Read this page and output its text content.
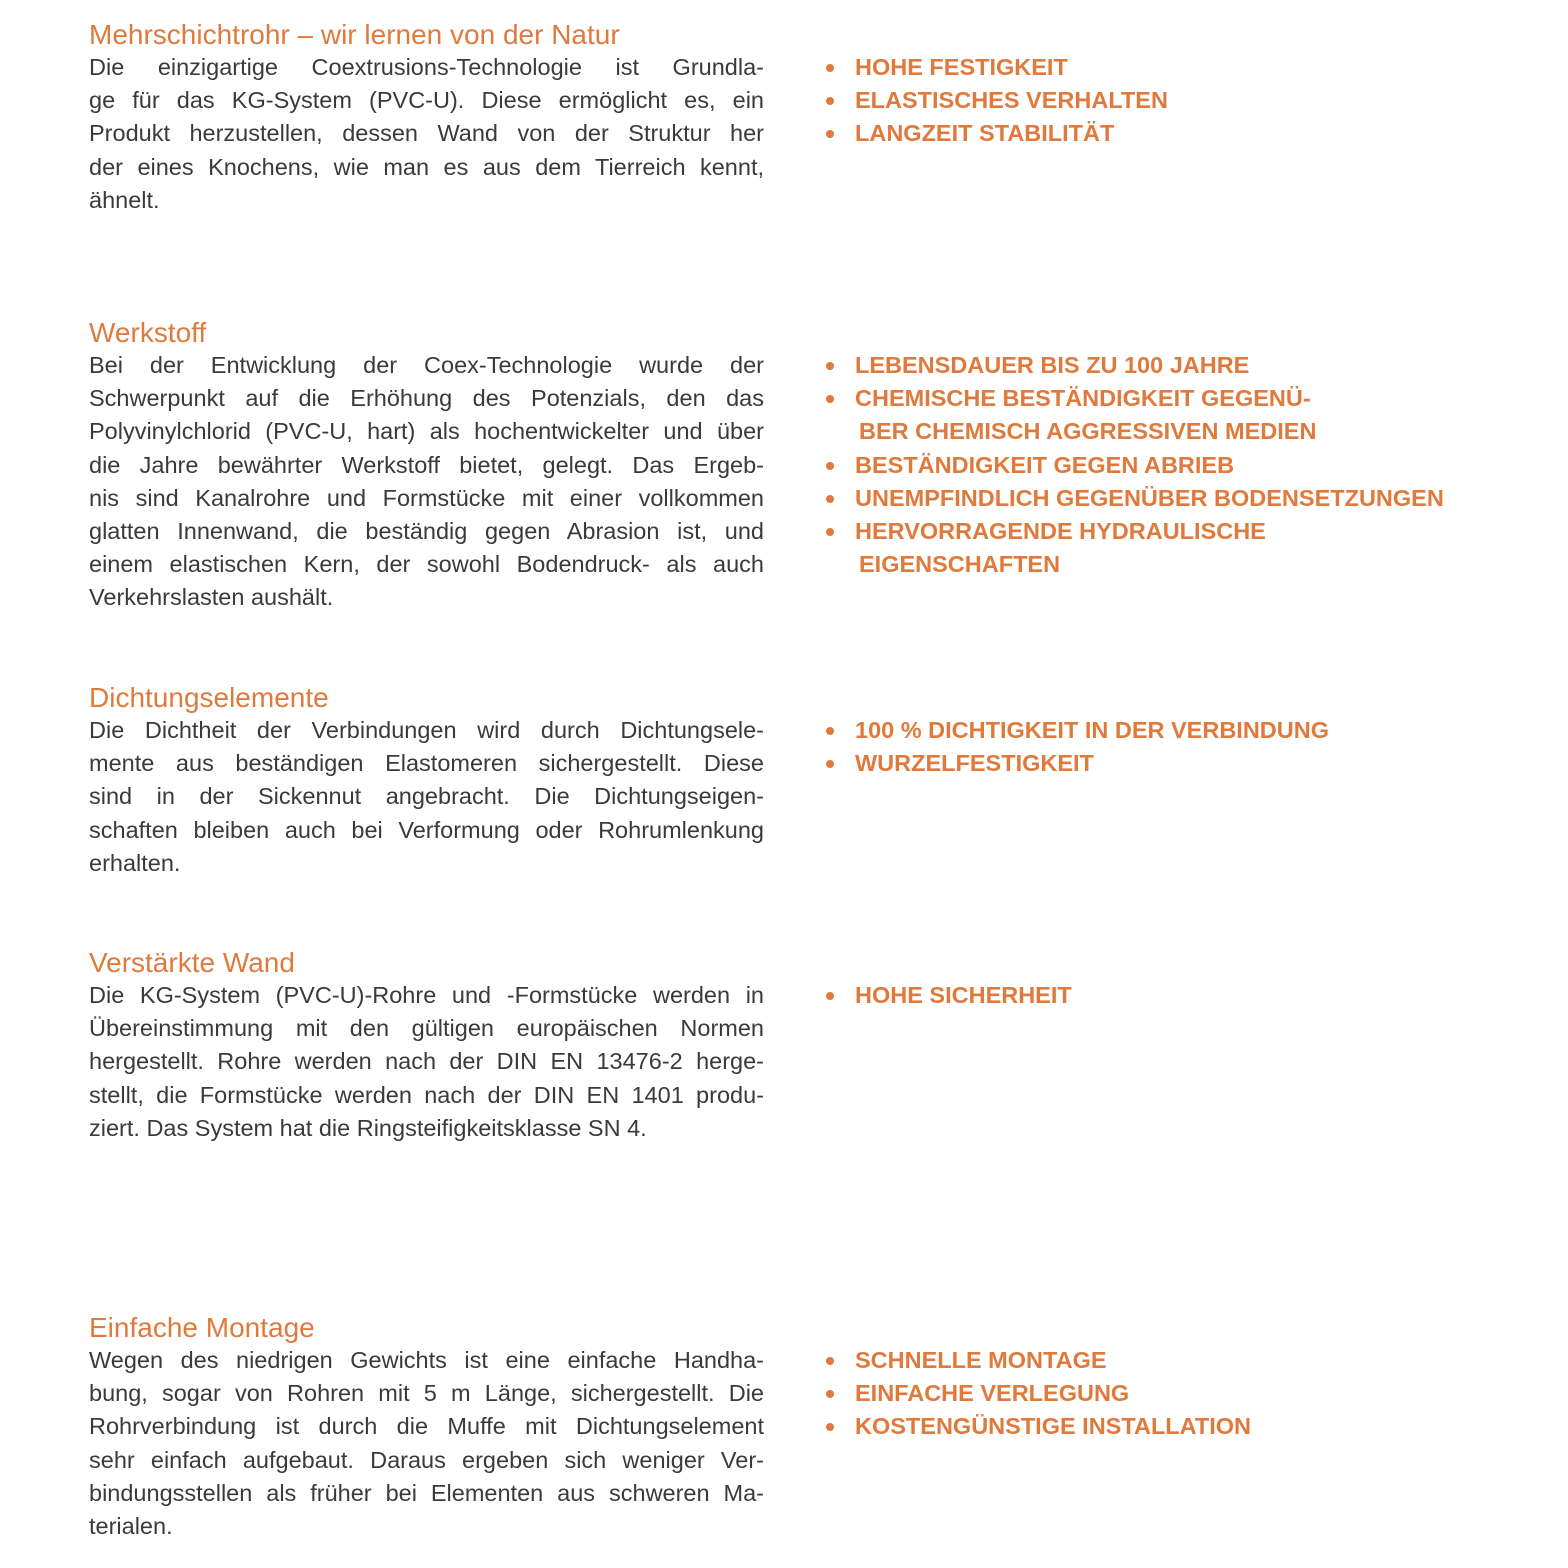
Mehrschichtrohr – wir lernen von der Natur

Die einzigartige Coextrusions-Technologie ist Grundla-
ge für das KG-System (PVC-U). Diese ermöglicht es, ein
Produkt herzustellen, dessen Wand von der Struktur her
der eines Knochens, wie man es aus dem Tierreich kennt,
ähnelt.

HOHE FESTIGKEIT
ELASTISCHES VERHALTEN
LANGZEIT STABILITÄT
Werkstoff

Bei der Entwicklung der Coex-Technologie wurde der
Schwerpunkt auf die Erhöhung des Potenzials, den das
Polyvinylchlorid (PVC-U, hart) als hochentwickelter und über
die Jahre bewährter Werkstoff bietet, gelegt. Das Ergeb-
nis sind Kanalrohre und Formstücke mit einer vollkommen
glatten Innenwand, die beständig gegen Abrasion ist, und
einem elastischen Kern, der sowohl Bodendruck- als auch
Verkehrslasten aushält.

LEBENSDAUER BIS ZU 100 JAHRE
CHEMISCHE BESTÄNDIGKEIT GEGENÜ-
BER CHEMISCH AGGRESSIVEN MEDIEN
BESTÄNDIGKEIT GEGEN ABRIEB
UNEMPFINDLICH GEGENÜBER BODENSETZUNGEN
HERVORRAGENDE HYDRAULISCHE
EIGENSCHAFTEN
Dichtungselemente

Die Dichtheit der Verbindungen wird durch Dichtungsele-
mente aus beständigen Elastomeren sichergestellt. Diese
sind in der Sickennut angebracht. Die Dichtungseigen-
schaften bleiben auch bei Verformung oder Rohrumlenkung
erhalten.

100 % DICHTIGKEIT IN DER VERBINDUNG
WURZELFESTIGKEIT
Verstärkte Wand

Die KG-System (PVC-U)-Rohre und -Formstücke werden in
Übereinstimmung mit den gültigen europäischen Normen
hergestellt. Rohre werden nach der DIN EN 13476-2 herge-
stellt, die Formstücke werden nach der DIN EN 1401 produ-
ziert. Das System hat die Ringsteifigkeitsklasse SN 4.

HOHE SICHERHEIT
Einfache Montage

Wegen des niedrigen Gewichts ist eine einfache Handha-
bung, sogar von Rohren mit 5 m Länge, sichergestellt. Die
Rohrverbindung ist durch die Muffe mit Dichtungselement
sehr einfach aufgebaut. Daraus ergeben sich weniger Ver-
bindungsstellen als früher bei Elementen aus schweren Ma-
terialen.

SCHNELLE MONTAGE
EINFACHE VERLEGUNG
KOSTENGÜNSTIGE INSTALLATION
